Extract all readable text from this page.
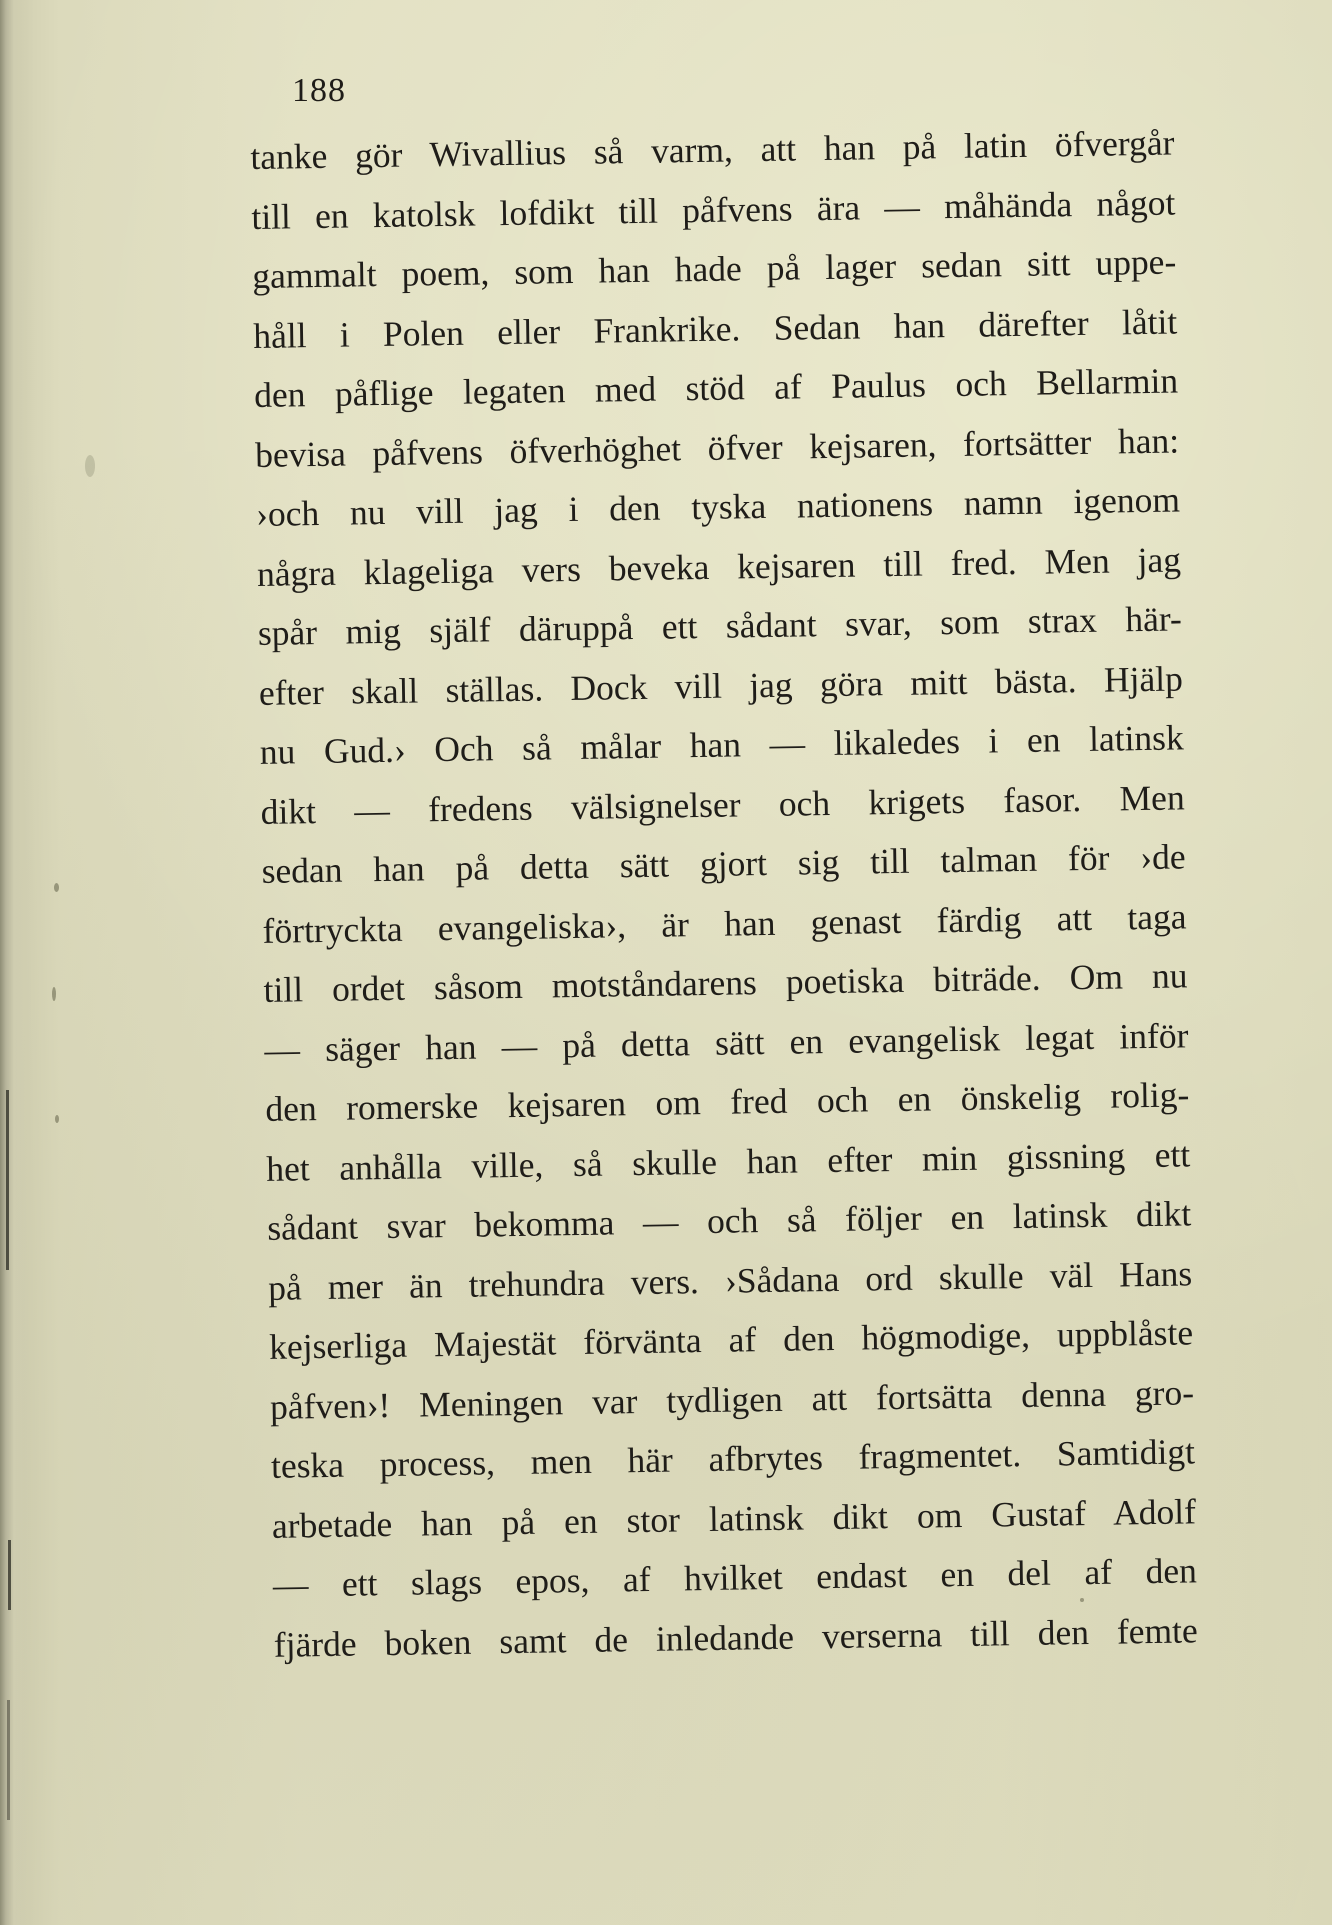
188
tanke gör Wivallius så varm, att han på latin öfvergår
till en katolsk lofdikt till påfvens ära — måhända något
gammalt poem, som han hade på lager sedan sitt uppe-
håll i Polen eller Frankrike. Sedan han därefter låtit
den påflige legaten med stöd af Paulus och Bellarmin
bevisa påfvens öfverhöghet öfver kejsaren, fortsätter han:
›och nu vill jag i den tyska nationens namn igenom
några klageliga vers beveka kejsaren till fred. Men jag
spår mig själf däruppå ett sådant svar, som strax här-
efter skall ställas. Dock vill jag göra mitt bästa. Hjälp
nu Gud.› Och så målar han — likaledes i en latinsk
dikt — fredens välsignelser och krigets fasor. Men
sedan han på detta sätt gjort sig till talman för ›de
förtryckta evangeliska›, är han genast färdig att taga
till ordet såsom motståndarens poetiska biträde. Om nu
— säger han — på detta sätt en evangelisk legat inför
den romerske kejsaren om fred och en önskelig rolig-
het anhålla ville, så skulle han efter min gissning ett
sådant svar bekomma — och så följer en latinsk dikt
på mer än trehundra vers. ›Sådana ord skulle väl Hans
kejserliga Majestät förvänta af den högmodige, uppblåste
påfven›! Meningen var tydligen att fortsätta denna gro-
teska process, men här afbrytes fragmentet. Samtidigt
arbetade han på en stor latinsk dikt om Gustaf Adolf
— ett slags epos, af hvilket endast en del af den
fjärde boken samt de inledande verserna till den femte
